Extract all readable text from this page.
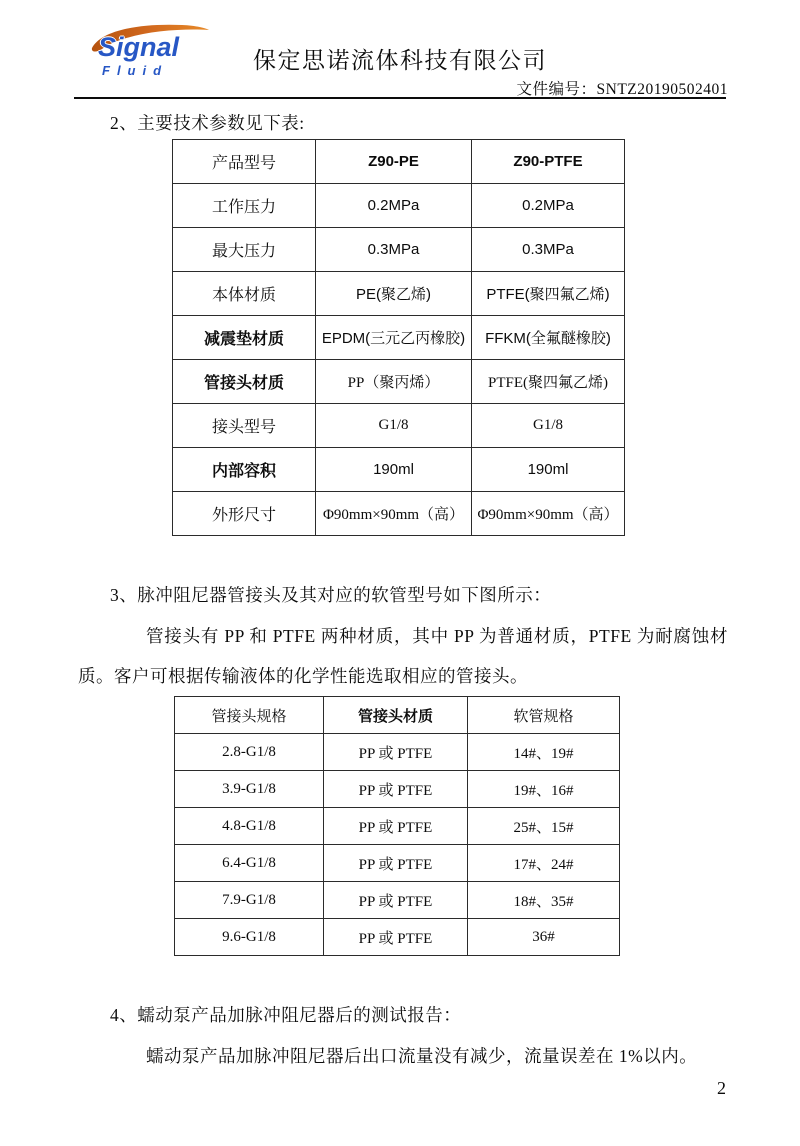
Signal
Fluid	保定思诺流体科技有限公司
文件编号：SNTZ20190502401
2、主要技术参数见下表:
产品型号	Z90-PE	Z90-PTFE
工作压力	0.2MPa	0.2MPa
最大压力	0.3MPa	0.3MPa
本体材质	PE(聚乙烯)	PTFE(聚四氟乙烯)
减震垫材质	EPDM(三元乙丙橡胶)	FFKM(全氟醚橡胶)
管接头材质	PP（聚丙烯）	PTFE(聚四氟乙烯)
接头型号	G1/8	G1/8
内部容积	190ml	190ml
外形尺寸	Φ90mm×90mm（高）	Φ90mm×90mm（高）
3、脉冲阻尼器管接头及其对应的软管型号如下图所示：
管接头有 PP 和 PTFE 两种材质，其中 PP 为普通材质，PTFE 为耐腐蚀材质。客户可根据传输液体的化学性能选取相应的管接头。
管接头规格	管接头材质	软管规格
2.8-G1/8	PP 或 PTFE	14#、19#
3.9-G1/8	PP 或 PTFE	19#、16#
4.8-G1/8	PP 或 PTFE	25#、15#
6.4-G1/8	PP 或 PTFE	17#、24#
7.9-G1/8	PP 或 PTFE	18#、35#
9.6-G1/8	PP 或 PTFE	36#
4、蠕动泵产品加脉冲阻尼器后的测试报告：
蠕动泵产品加脉冲阻尼器后出口流量没有减少，流量误差在 1%以内。
2
